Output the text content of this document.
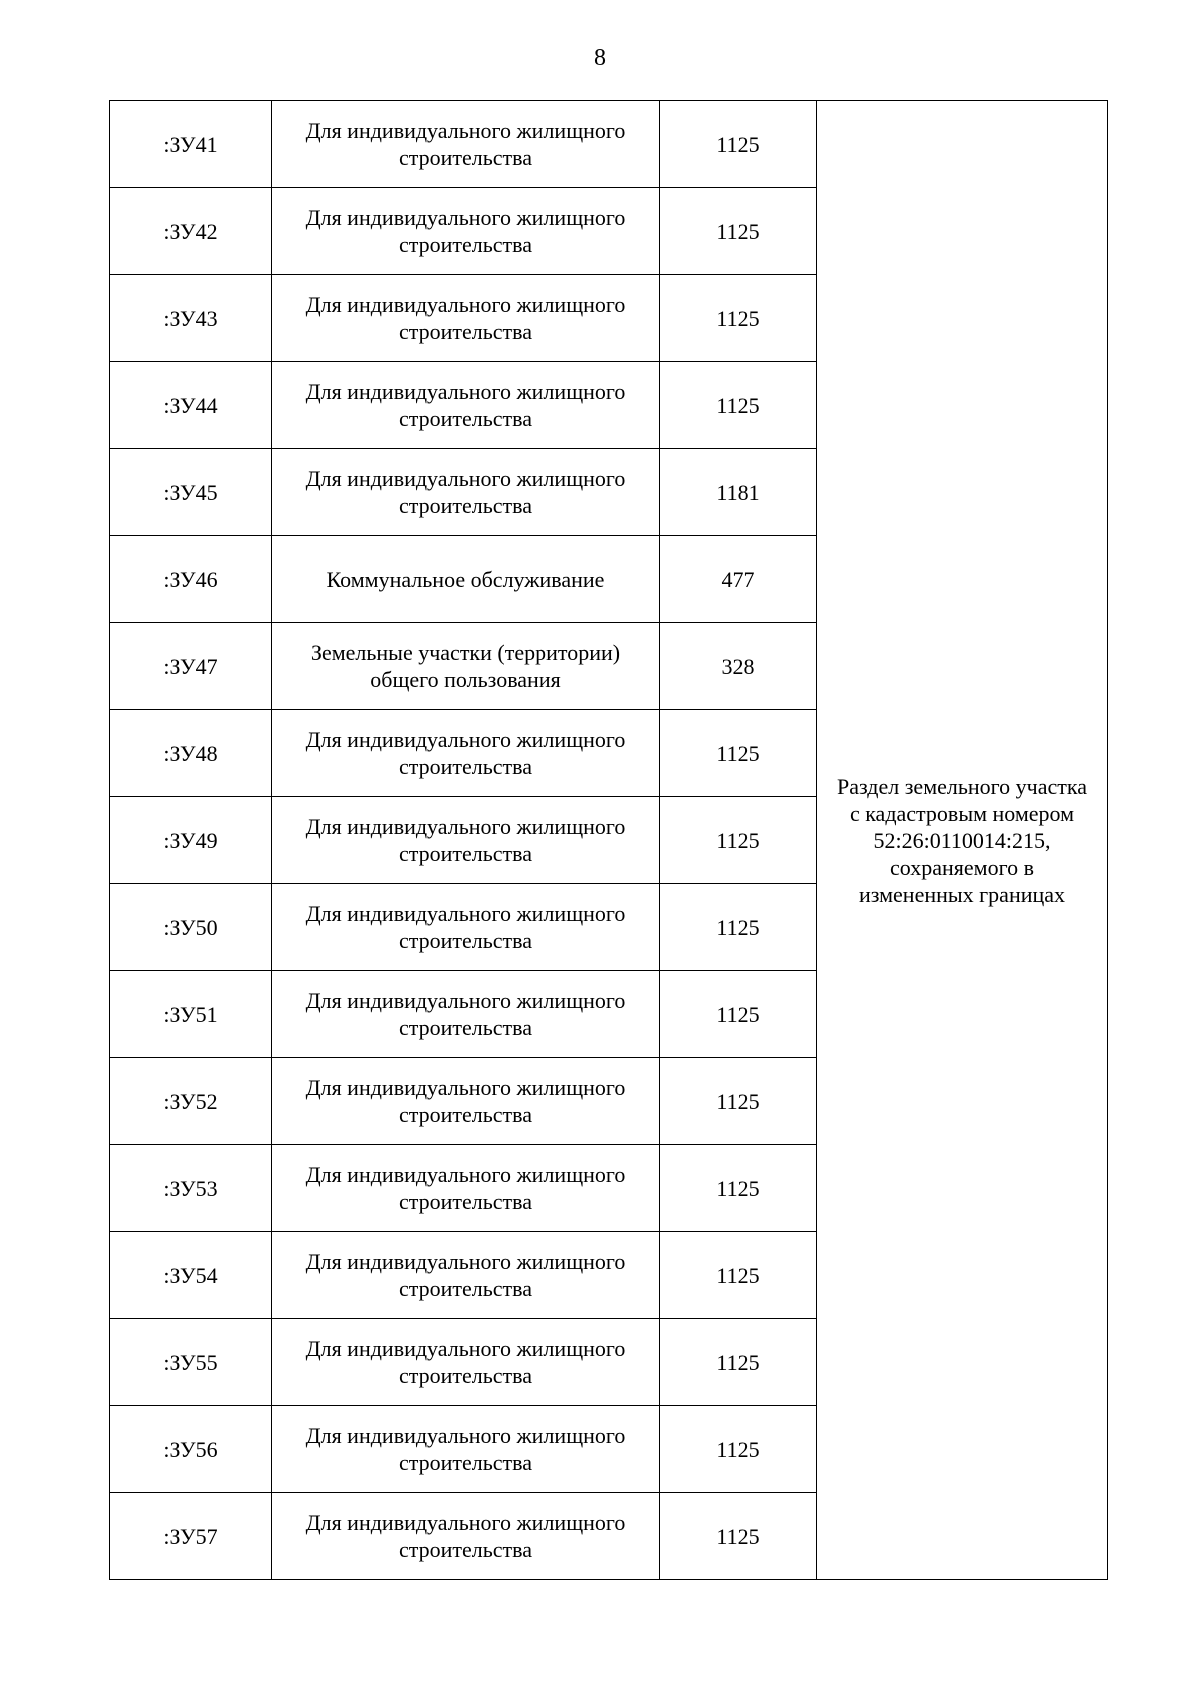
8
:ЗУ41	Для индивидуального жилищного строительства	1125	Раздел земельного участка с кадастровым номером 52:26:0110014:215, сохраняемого в измененных границах

:ЗУ42	Для индивидуального жилищного строительства	1125	
:ЗУ43	Для индивидуального жилищного строительства	1125	
:ЗУ44	Для индивидуального жилищного строительства	1125	
:ЗУ45	Для индивидуального жилищного строительства	1181	
:ЗУ46	Коммунальное обслуживание	477	
:ЗУ47	Земельные участки (территории) общего пользования	328	
:ЗУ48	Для индивидуального жилищного строительства	1125	
:ЗУ49	Для индивидуального жилищного строительства	1125	
:ЗУ50	Для индивидуального жилищного строительства	1125	
:ЗУ51	Для индивидуального жилищного строительства	1125	
:ЗУ52	Для индивидуального жилищного строительства	1125	
:ЗУ53	Для индивидуального жилищного строительства	1125	
:ЗУ54	Для индивидуального жилищного строительства	1125	
:ЗУ55	Для индивидуального жилищного строительства	1125	
:ЗУ56	Для индивидуального жилищного строительства	1125	
:ЗУ57	Для индивидуального жилищного строительства	1125	
